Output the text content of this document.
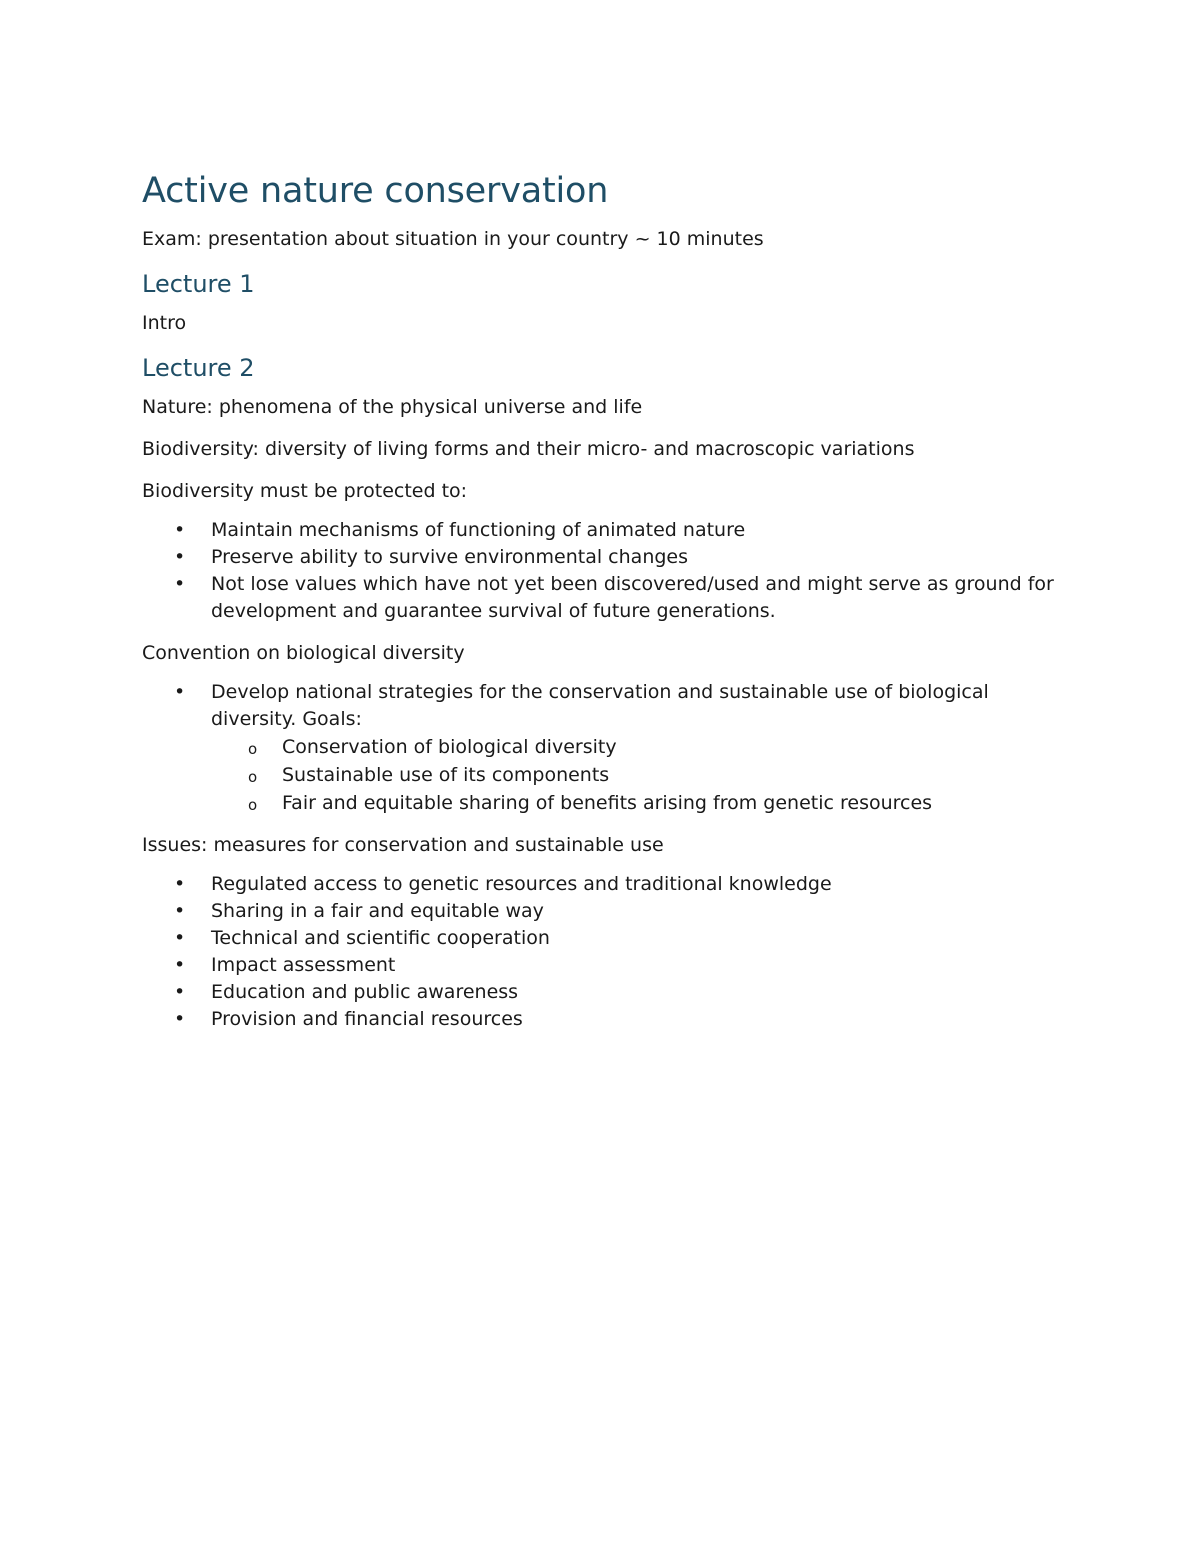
Active nature conservation

Exam: presentation about situation in your country ~ 10 minutes

Lecture 1

Intro

Lecture 2

Nature: phenomena of the physical universe and life

Biodiversity: diversity of living forms and their micro- and macroscopic variations

Biodiversity must be protected to:

• Maintain mechanisms of functioning of animated nature
• Preserve ability to survive environmental changes
• Not lose values which have not yet been discovered/used and might serve as ground for development and guarantee survival of future generations.

Convention on biological diversity

• Develop national strategies for the conservation and sustainable use of biological diversity. Goals:
o Conservation of biological diversity
o Sustainable use of its components
o Fair and equitable sharing of benefits arising from genetic resources

Issues: measures for conservation and sustainable use

• Regulated access to genetic resources and traditional knowledge
• Sharing in a fair and equitable way
• Technical and scientific cooperation
• Impact assessment
• Education and public awareness
• Provision and financial resources
